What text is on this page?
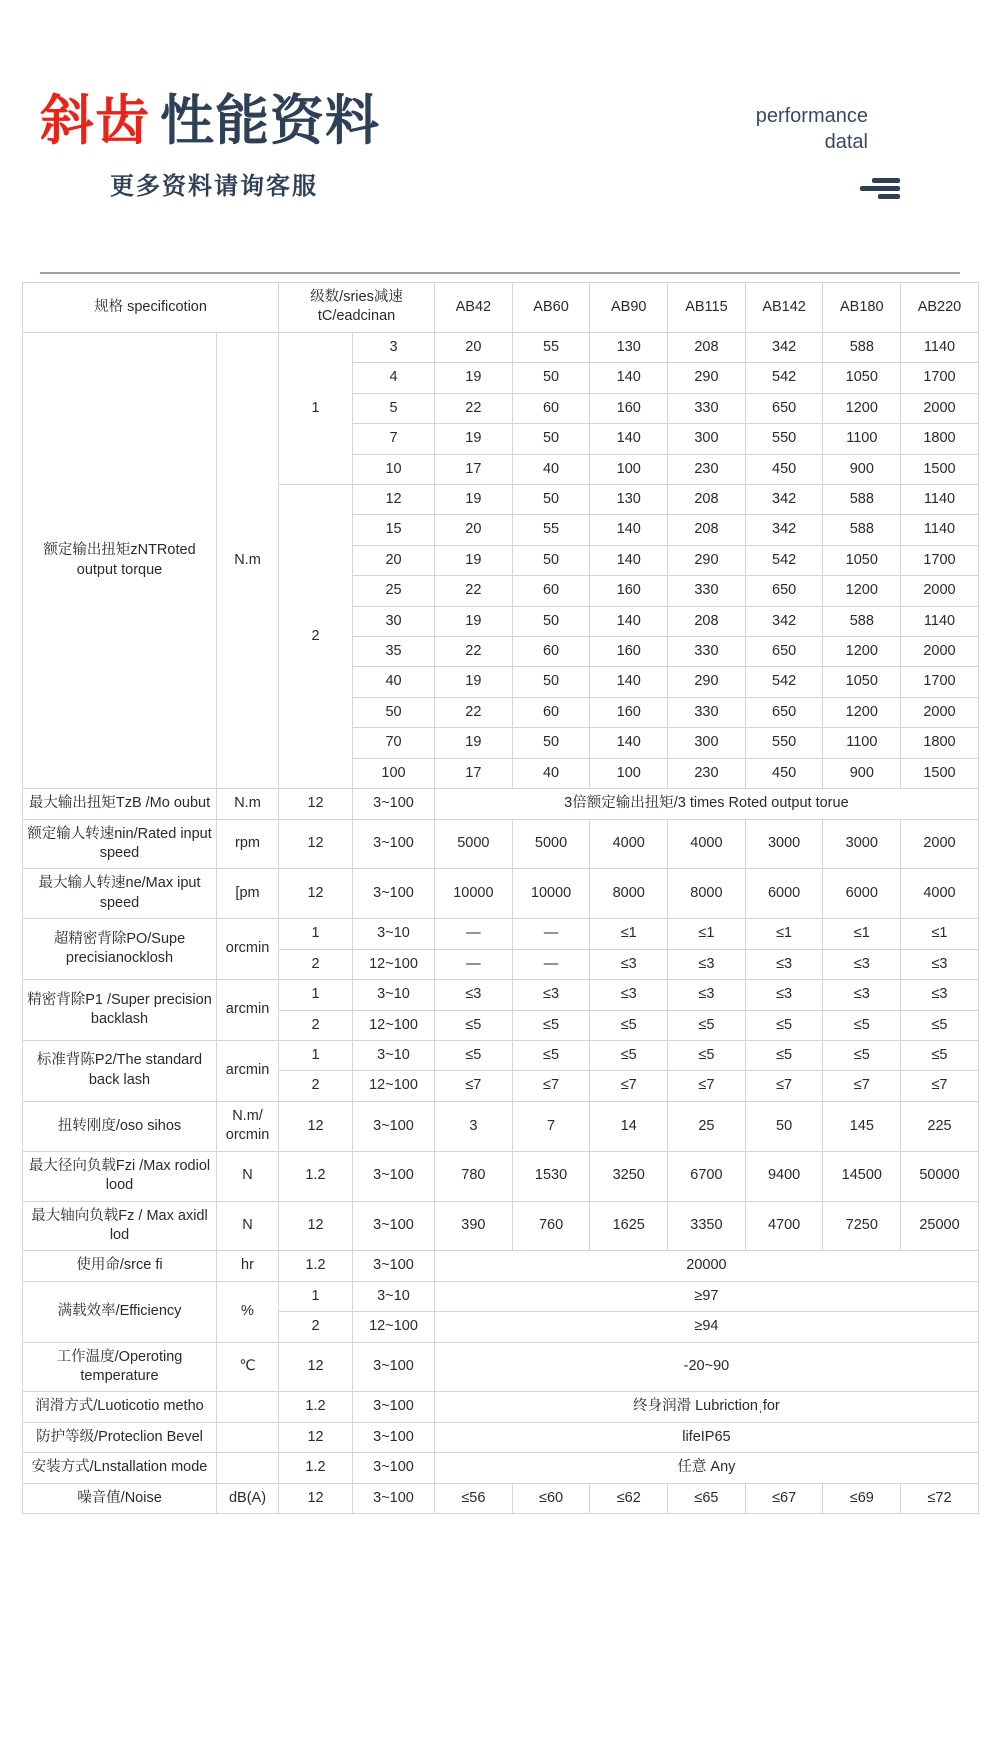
斜齿 性能资料
更多资料请询客服
performance
datal
规格 specificotion		级数/sries减速tC/eadcinan		AB42	AB60	AB90	AB115	AB142	AB180	AB220
额定输出扭矩zNTRoted output torque	N.m	1	3	20	55	130	208	342	588	1140
			4	19	50	140	290	542	1050	1700
			5	22	60	160	330	650	1200	2000
			7	19	50	140	300	550	1100	1800
			10	17	40	100	230	450	900	1500
		2	12	19	50	130	208	342	588	1140
			15	20	55	140	208	342	588	1140
			20	19	50	140	290	542	1050	1700
			25	22	60	160	330	650	1200	2000
			30	19	50	140	208	342	588	1140
			35	22	60	160	330	650	1200	2000
			40	19	50	140	290	542	1050	1700
			50	22	60	160	330	650	1200	2000
			70	19	50	140	300	550	1100	1800
			100	17	40	100	230	450	900	1500
最大输出扭矩TzB /Mo oubut	N.m	12	3~100	3倍额定输出扭矩/3 times Roted output torue						
额定输人转速nin/Rated input speed	rpm	12	3~100	5000	5000	4000	4000	3000	3000	2000
最大输人转速ne/Max iput speed	[pm	12	3~100	10000	10000	8000	8000	6000	6000	4000
超精密背除PO/Supe precisianocklosh	orcmin	1	3~10	—	—	≤1	≤1	≤1	≤1	≤1
		2	12~100	—	—	≤3	≤3	≤3	≤3	≤3
精密背除P1 /Super precision backlash	arcmin	1	3~10	≤3	≤3	≤3	≤3	≤3	≤3	≤3
		2	12~100	≤5	≤5	≤5	≤5	≤5	≤5	≤5
标准背陈P2/The standard back lash	arcmin	1	3~10	≤5	≤5	≤5	≤5	≤5	≤5	≤5
		2	12~100	≤7	≤7	≤7	≤7	≤7	≤7	≤7
扭转刚度/oso sihos	N.m/ orcmin	12	3~100	3	7	14	25	50	145	225
最大径向负载Fzi /Max rodiol lood	N	1.2	3~100	780	1530	3250	6700	9400	14500	50000
最大轴向负载Fz / Max axidl lod	N	12	3~100	390	760	1625	3350	4700	7250	25000
使用命/srce fi	hr	1.2	3~100	20000						
满载效率/Efficiency	%	1	3~10	≥97						
		2	12~100	≥94						
工作温度/Operoting temperature	℃	12	3~100	-20~90						
润滑方式/Luoticotio metho		1.2	3~100	终身润滑 Lubrictionˌfor						
防护等级/Proteclion Bevel		12	3~100	lifeIP65						
安装方式/Lnstallation mode		1.2	3~100	任意 Any						
噪音值/Noise	dB(A)	12	3~100	≤56	≤60	≤62	≤65	≤67	≤69	≤72
